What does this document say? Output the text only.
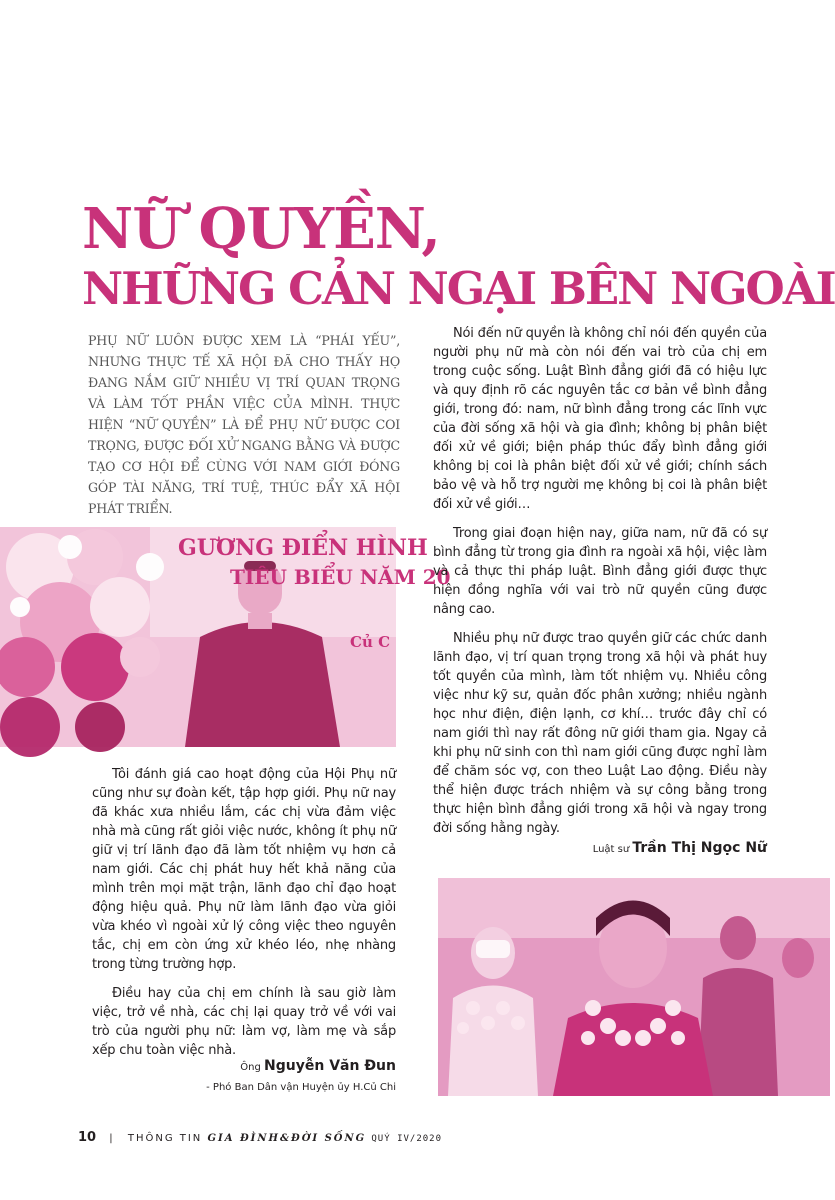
NỮ QUYỀN,
NHỮNG CẢN NGẠI BÊN NGOÀI

PHỤ NỮ LUÔN ĐƯỢC XEM LÀ “PHÁI YẾU”, NHƯNG THỰC TẾ XÃ HỘI ĐÃ CHO THẤY HỌ ĐANG NẮM GIỮ NHIỀU VỊ TRÍ QUAN TRỌNG VÀ LÀM TỐT PHẦN VIỆC CỦA MÌNH. THỰC HIỆN “NỮ QUYỀN” LÀ ĐỂ PHỤ NỮ ĐƯỢC COI TRỌNG, ĐƯỢC ĐỐI XỬ NGANG BẰNG VÀ ĐƯỢC TẠO CƠ HỘI ĐỂ CÙNG VỚI NAM GIỚI ĐÓNG GÓP TÀI NĂNG, TRÍ TUỆ, THÚC ĐẨY XÃ HỘI PHÁT TRIỂN.

GƯƠNG ĐIỂN HÌNH
TIÊU BIỂU NĂM 20
Củ C

Tôi đánh giá cao hoạt động của Hội Phụ nữ cũng như sự đoàn kết, tập hợp giới. Phụ nữ nay đã khác xưa nhiều lắm, các chị vừa đảm việc nhà mà cũng rất giỏi việc nước, không ít phụ nữ giữ vị trí lãnh đạo đã làm tốt nhiệm vụ hơn cả nam giới. Các chị phát huy hết khả năng của mình trên mọi mặt trận, lãnh đạo chỉ đạo hoạt động hiệu quả. Phụ nữ làm lãnh đạo vừa giỏi vừa khéo vì ngoài xử lý công việc theo nguyên tắc, chị em còn ứng xử khéo léo, nhẹ nhàng trong từng trường hợp.

Điều hay của chị em chính là sau giờ làm việc, trở về nhà, các chị lại quay trở về với vai trò của người phụ nữ: làm vợ, làm mẹ và sắp xếp chu toàn việc nhà.

Ông Nguyễn Văn Đun
- Phó Ban Dân vận Huyện ủy H.Củ Chi

Nói đến nữ quyền là không chỉ nói đến quyền của người phụ nữ mà còn nói đến vai trò của chị em trong cuộc sống. Luật Bình đẳng giới đã có hiệu lực và quy định rõ các nguyên tắc cơ bản về bình đẳng giới, trong đó: nam, nữ bình đẳng trong các lĩnh vực của đời sống xã hội và gia đình; không bị phân biệt đối xử về giới; biện pháp thúc đẩy bình đẳng giới không bị coi là phân biệt đối xử về giới; chính sách bảo vệ và hỗ trợ người mẹ không bị coi là phân biệt đối xử về giới…

Trong giai đoạn hiện nay, giữa nam, nữ đã có sự bình đẳng từ trong gia đình ra ngoài xã hội, việc làm và cả thực thi pháp luật. Bình đẳng giới được thực hiện đồng nghĩa với vai trò nữ quyền cũng được nâng cao.

Nhiều phụ nữ được trao quyền giữ các chức danh lãnh đạo, vị trí quan trọng trong xã hội và phát huy tốt quyền của mình, làm tốt nhiệm vụ. Nhiều công việc như kỹ sư, quản đốc phân xưởng; nhiều ngành học như điện, điện lạnh, cơ khí… trước đây chỉ có nam giới thì nay rất đông nữ giới tham gia. Ngay cả khi phụ nữ sinh con thì nam giới cũng được nghỉ làm để chăm sóc vợ, con theo Luật Lao động. Điều này thể hiện được trách nhiệm và sự công bằng trong thực hiện bình đẳng giới trong xã hội và ngay trong đời sống hằng ngày.

Luật sư Trần Thị Ngọc Nữ
10 | THÔNG TIN GIA ĐÌNH&ĐỜI SỐNG QUÝ IV/2020
